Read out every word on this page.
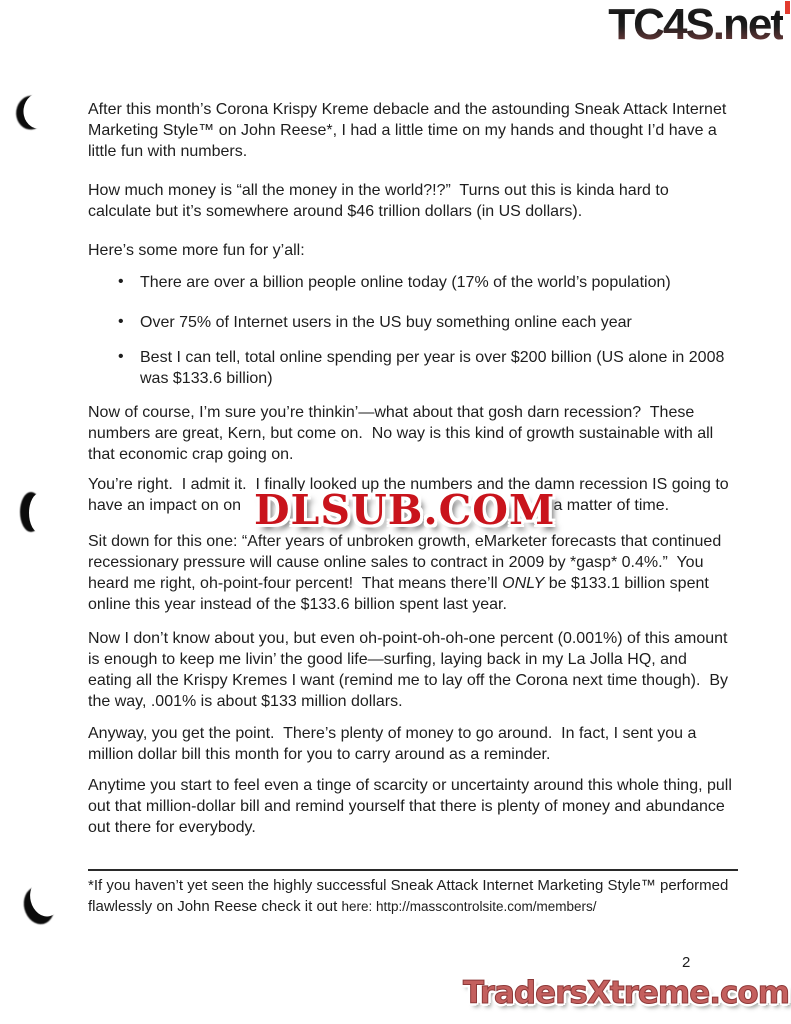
TC4S.net
After this month’s Corona Krispy Kreme debacle and the astounding Sneak Attack Internet Marketing Style™ on John Reese*, I had a little time on my hands and thought I’d have a little fun with numbers.
How much money is “all the money in the world?!?”  Turns out this is kinda hard to calculate but it’s somewhere around $46 trillion dollars (in US dollars).
Here’s some more fun for y’all:
• There are over a billion people online today (17% of the world’s population)
• Over 75% of Internet users in the US buy something online each year
• Best I can tell, total online spending per year is over $200 billion (US alone in 2008 was $133.6 billion)
Now of course, I’m sure you’re thinkin’—what about that gosh darn recession?  These numbers are great, Kern, but come on.  No way is this kind of growth sustainable with all that economic crap going on.
You’re right.  I admit it.  I finally looked up the numbers and the damn recession IS going to have an impact on on	y a matter of time.
Sit down for this one: “After years of unbroken growth, eMarketer forecasts that continued recessionary pressure will cause online sales to contract in 2009 by *gasp* 0.4%.”  You heard me right, oh-point-four percent!  That means there’ll ONLY be $133.1 billion spent online this year instead of the $133.6 billion spent last year.
Now I don’t know about you, but even oh-point-oh-oh-one percent (0.001%) of this amount is enough to keep me livin’ the good life—surfing, laying back in my La Jolla HQ, and eating all the Krispy Kremes I want (remind me to lay off the Corona next time though).  By the way, .001% is about $133 million dollars.
Anyway, you get the point.  There’s plenty of money to go around.  In fact, I sent you a million dollar bill this month for you to carry around as a reminder.
Anytime you start to feel even a tinge of scarcity or uncertainty around this whole thing, pull out that million-dollar bill and remind yourself that there is plenty of money and abundance out there for everybody.
DLSUB.COM

*If you haven’t yet seen the highly successful Sneak Attack Internet Marketing Style™ performed flawlessly on John Reese check it out here: http://masscontrolsite.com/members/

2
TradersXtreme.com
